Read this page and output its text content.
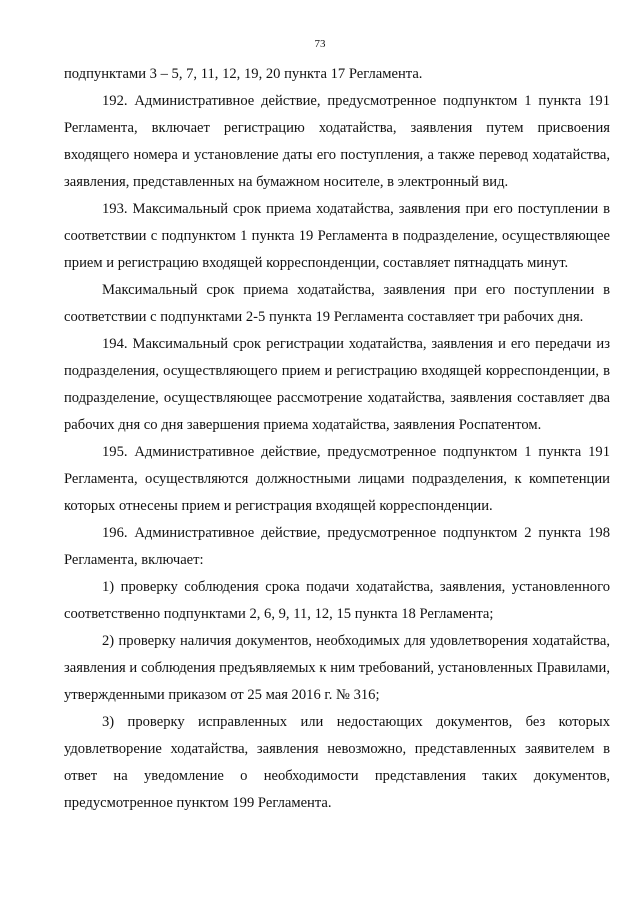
73

подпунктами 3 – 5, 7, 11, 12, 19, 20 пункта 17 Регламента.

192. Административное действие, предусмотренное подпунктом 1 пункта 191 Регламента, включает регистрацию ходатайства, заявления путем присвоения входящего номера и установление даты его поступления, а также перевод ходатайства, заявления, представленных на бумажном носителе, в электронный вид.

193. Максимальный срок приема ходатайства, заявления при его поступлении в соответствии с подпунктом 1 пункта 19 Регламента в подразделение, осуществляющее прием и регистрацию входящей корреспонденции, составляет пятнадцать минут.

Максимальный срок приема ходатайства, заявления при его поступлении в соответствии с подпунктами 2-5 пункта 19 Регламента составляет три рабочих дня.

194. Максимальный срок регистрации ходатайства, заявления и его передачи из подразделения, осуществляющего прием и регистрацию входящей корреспонденции, в подразделение, осуществляющее рассмотрение ходатайства, заявления составляет два рабочих дня со дня завершения приема ходатайства, заявления Роспатентом.

195. Административное действие, предусмотренное подпунктом 1 пункта 191 Регламента, осуществляются должностными лицами подразделения, к компетенции которых отнесены прием и регистрация входящей корреспонденции.

196. Административное действие, предусмотренное подпунктом 2 пункта 198 Регламента, включает:

1) проверку соблюдения срока подачи ходатайства, заявления, установленного соответственно подпунктами 2, 6, 9, 11, 12, 15 пункта 18 Регламента;

2) проверку наличия документов, необходимых для удовлетворения ходатайства, заявления и соблюдения предъявляемых к ним требований, установленных Правилами, утвержденными приказом от 25 мая 2016 г. № 316;

3) проверку исправленных или недостающих документов, без которых удовлетворение ходатайства, заявления невозможно, представленных заявителем в ответ на уведомление о необходимости представления таких документов, предусмотренное пунктом 199 Регламента.
